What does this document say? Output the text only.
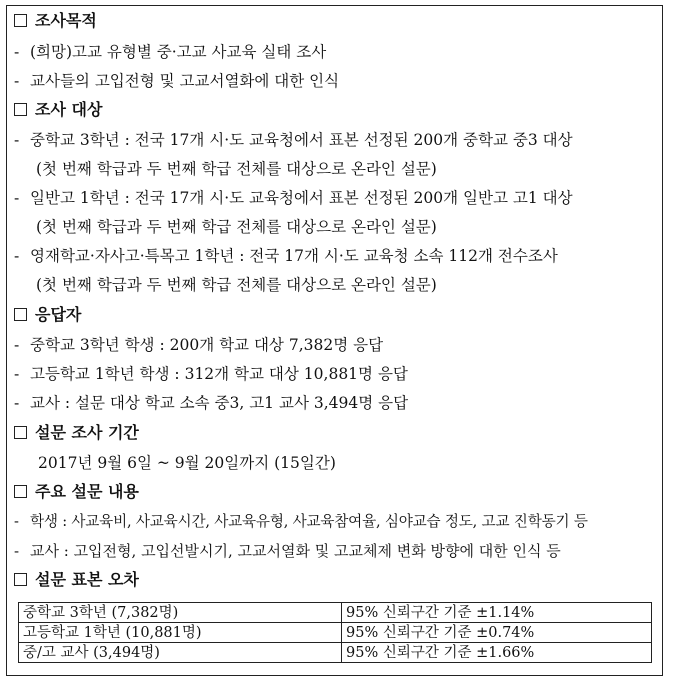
조사목적
- (희망)고교 유형별 중·고교 사교육 실태 조사
- 교사들의 고입전형 및 고교서열화에 대한 인식
조사 대상
- 중학교 3학년 : 전국 17개 시·도 교육청에서 표본 선정된 200개 중학교 중3 대상
(첫 번째 학급과 두 번째 학급 전체를 대상으로 온라인 설문)
- 일반고 1학년 : 전국 17개 시·도 교육청에서 표본 선정된 200개 일반고 고1 대상
(첫 번째 학급과 두 번째 학급 전체를 대상으로 온라인 설문)
- 영재학교·자사고·특목고 1학년 : 전국 17개 시·도 교육청 소속 112개 전수조사
(첫 번째 학급과 두 번째 학급 전체를 대상으로 온라인 설문)
응답자
- 중학교 3학년 학생 : 200개 학교 대상 7,382명 응답
- 고등학교 1학년 학생 : 312개 학교 대상 10,881명 응답
- 교사 : 설문 대상 학교 소속 중3, 고1 교사 3,494명 응답
설문 조사 기간
2017년 9월 6일 ~ 9월 20일까지 (15일간)
주요 설문 내용
- 학생 : 사교육비, 사교육시간, 사교육유형, 사교육참여율, 심야교습 정도, 고교 진학동기 등
- 교사 : 고입전형, 고입선발시기, 고교서열화 및 고교체제 변화 방향에 대한 인식 등
설문 표본 오차
중학교 3학년 (7,382명)	95% 신뢰구간 기준 ±1.14%
고등학교 1학년 (10,881명)	95% 신뢰구간 기준 ±0.74%
중/고 교사 (3,494명)	95% 신뢰구간 기준 ±1.66%
